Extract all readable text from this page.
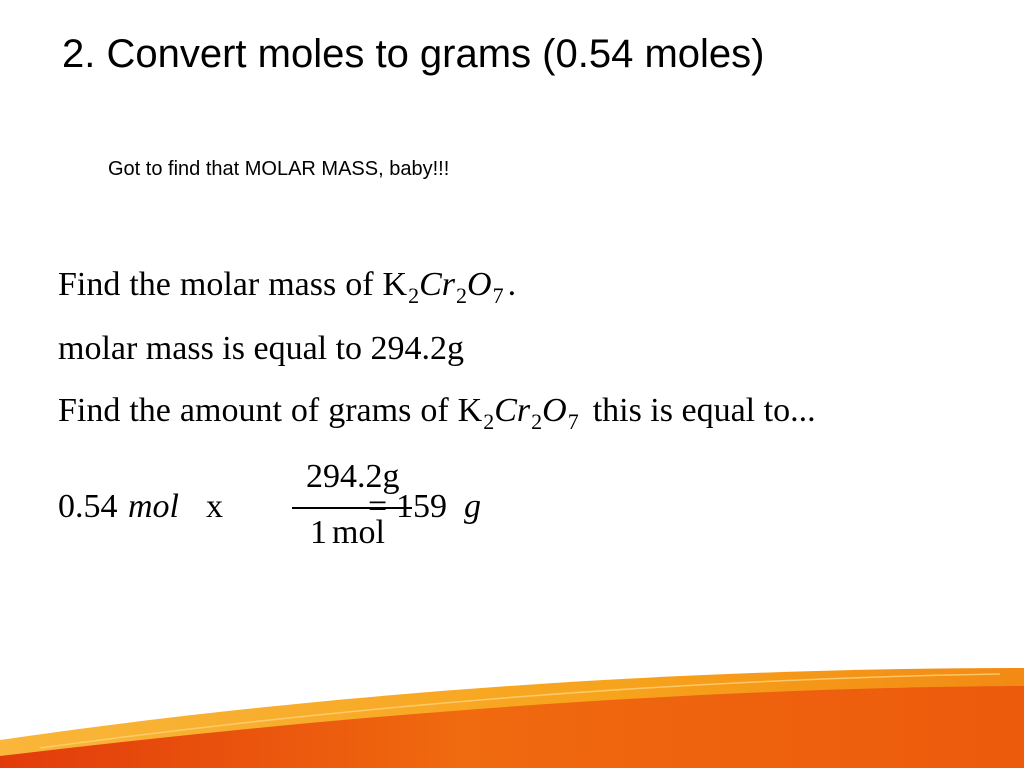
2. Convert moles to grams (0.54 moles)
Got to find that MOLAR MASS, baby!!!
Find the molar mass of $K_2Cr_2O_7$ .
molar mass is equal to 294.2g
Find the amount of grams of $K_2Cr_2O_7$ this is equal to...
0.54 mol x
294.2g
1 mol
= 159 g
